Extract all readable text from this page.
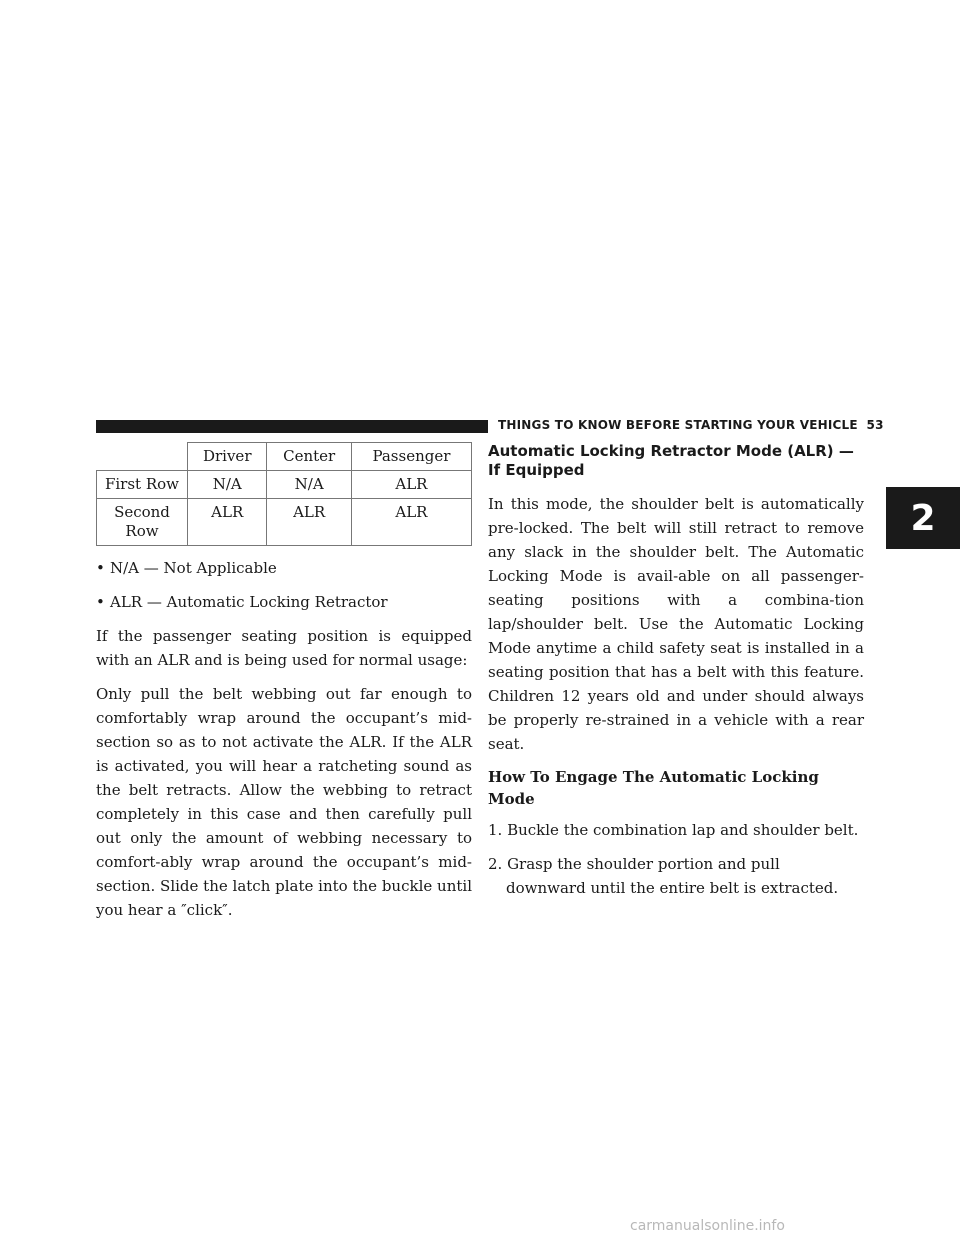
THINGS TO KNOW BEFORE STARTING YOUR VEHICLE 53
2
	Driver	Center	Passenger
First Row	N/A	N/A	ALR
Second Row	ALR	ALR	ALR
• N/A — Not Applicable
• ALR — Automatic Locking Retractor

If the passenger seating position is equipped with an ALR and is being used for normal usage:

Only pull the belt webbing out far enough to comfortably wrap around the occupant’s mid-section so as to not activate the ALR. If the ALR is activated, you will hear a ratcheting sound as the belt retracts. Allow the webbing to retract completely in this case and then carefully pull out only the amount of webbing necessary to comfort-ably wrap around the occupant’s mid-section. Slide the latch plate into the buckle until you hear a ″click″.

Automatic Locking Retractor Mode (ALR) — If Equipped

In this mode, the shoulder belt is automatically pre-locked. The belt will still retract to remove any slack in the shoulder belt. The Automatic Locking Mode is avail-able on all passenger-seating positions with a combina-tion lap/shoulder belt. Use the Automatic Locking Mode anytime a child safety seat is installed in a seating position that has a belt with this feature. Children 12 years old and under should always be properly re-strained in a vehicle with a rear seat.

How To Engage The Automatic Locking Mode
1. Buckle the combination lap and shoulder belt.
2. Grasp the shoulder portion and pull downward until the entire belt is extracted.
carmanualsonline.info
